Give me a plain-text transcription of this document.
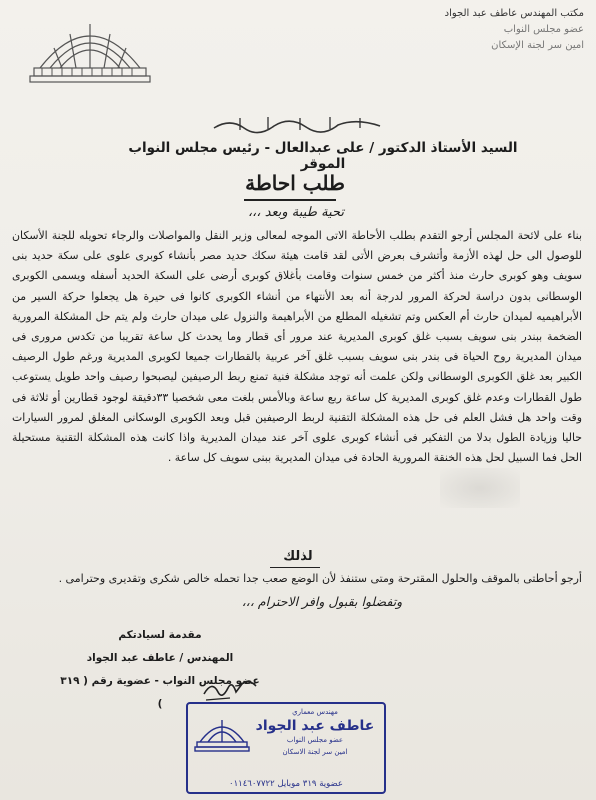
مكتب المهندس عاطف عبد الجواد
عضو مجلس النواب
امين سر لجنة الإسكان
بسم الله الرحمن الرحيم
السيد الأستاذ الدكتور / على عبدالعال - رئيس مجلس النواب الموقر
طلب احاطة
تحية طيبة وبعد ،،،
بناء على لائحة المجلس أرجو التقدم بطلب الأحاطة الاتى الموجه لمعالى وزير النقل والمواصلات والرجاء تحويله للجنة الأسكان للوصول الى حل لهذه الأزمة وأتشرف بعرض الأتى لقد قامت هيئة سكك حديد مصر بأنشاء كوبرى علوى على سكة حديد بنى سويف وهو كوبرى حارث منذ أكثر من خمس سنوات وقامت بأغلاق كوبرى أرضى على السكة الحديد أسفله ويسمى الكوبرى الوسطانى بدون دراسة لحركة المرور لدرجة أنه بعد الأنتهاء من أنشاء الكوبرى كانوا فى حيرة هل يجعلوا حركة السير من الأبراهيميه لميدان حارث أم العكس وتم تشغيله المطلع من الأبراهيمة والنزول على ميدان حارث ولم يتم حل المشكلة المرورية الضخمة ببندر بنى سويف بسبب غلق كوبرى المديرية عند مرور أى قطار وما يحدث كل ساعة تقريبا من تكدس مرورى فى ميدان المديرية روح الحياة فى بندر بنى سويف بسبب غلق آخر عربية بالقطارات جميعا لكوبرى المديرية ورغم طول الرصيف الكبير بعد غلق الكوبرى الوسطانى ولكن علمت أنه توجد مشكلة فنية تمنع ربط الرصيفين ليصبحوا رصيف واحد طويل يستوعب طول القطارات وعدم غلق كوبرى المديرية كل ساعة ربع ساعة وبالأمس بلغت معى شخصيا ٣٣دقيقة لوجود قطارين أو ثلاثة فى وقت واحد هل فشل العلم فى حل هذه المشكلة التقنية لربط الرصيفين قبل وبعد الكوبرى الوسكانى المغلق لمرور السيارات حاليا وزيادة الطول بدلا من التفكير فى أنشاء كوبرى علوى آخر عند ميدان المديرية واذا كانت هذه المشكلة التقنية مستحيلة الحل فما السبيل لحل هذه الخنقة المرورية الحادة فى ميدان المديرية ببنى سويف كل ساعة .
لذلك
أرجو أحاطتى بالموقف والحلول المقترحة ومتى ستنفذ لأن الوضع صعب جدا تحمله خالص شكرى وتقديرى وحترامى .
وتفضلوا بقبول وافر الاحترام ،،،
مقدمة لسيادتكم
المهندس / عاطف عبد الجواد
عضو مجلس النواب - عضوية رقم ( ٣١٩ )
مهندس معماري
عاطف عبد الجواد
عضو مجلس النواب
امين سر لجنة الاسكان
عضوية ٣١٩ موبايل ٠١١٤٦٠٧٧٢٢
